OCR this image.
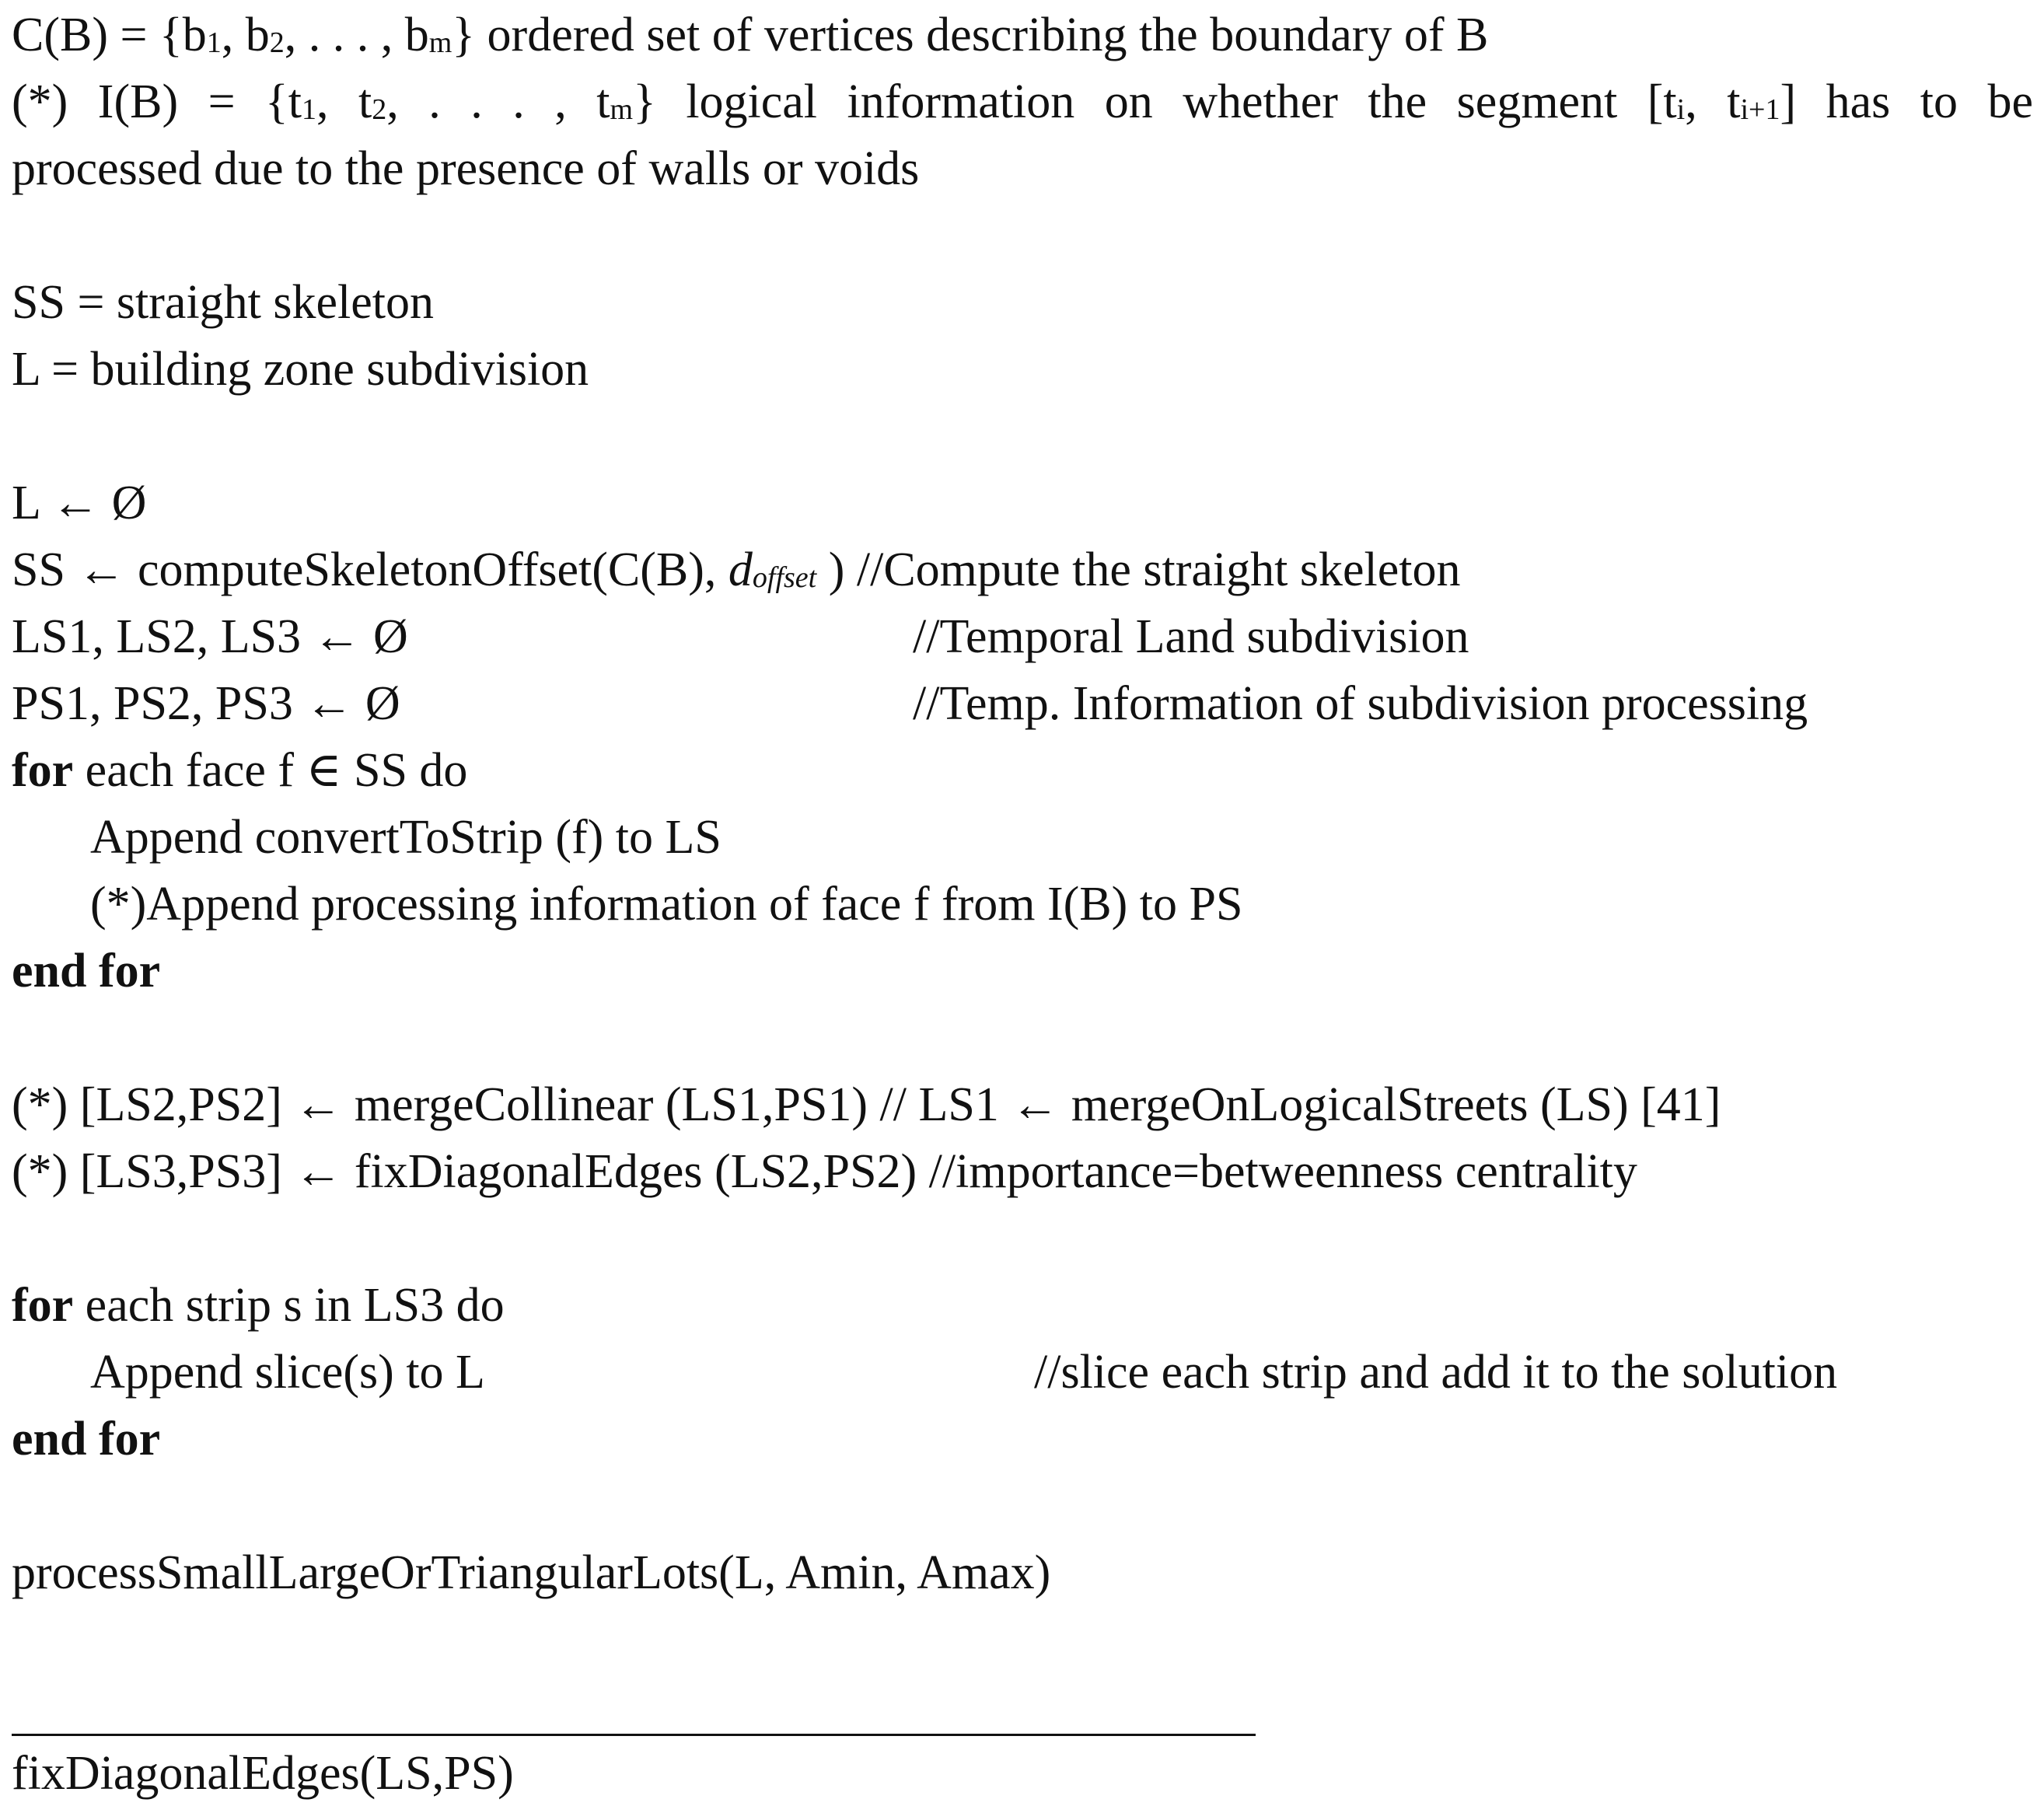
C(B) = {b1, b2, . . . , bm} ordered set of vertices describing the boundary of B
(*) I(B) = {t1, t2, . . . , tm} logical information on whether the segment [ti, ti+1] has to be
processed due to the presence of walls or voids
SS = straight skeleton
L = building zone subdivision
L ← Ø
SS ← computeSkeletonOffset(C(B), doffset ) //Compute the straight skeleton
LS1, LS2, LS3 ← Ø	//Temporal Land subdivision
PS1, PS2, PS3 ← Ø	//Temp. Information of subdivision processing
for each face f ∈ SS do
Append convertToStrip (f) to LS
(*)Append processing information of face f from I(B) to PS
end for
(*) [LS2,PS2] ← mergeCollinear (LS1,PS1) // LS1 ← mergeOnLogicalStreets (LS) [41]
(*) [LS3,PS3] ← fixDiagonalEdges (LS2,PS2) //importance=betweenness centrality
for each strip s in LS3 do
Append slice(s) to L	//slice each strip and add it to the solution
end for
processSmallLargeOrTriangularLots(L, Amin, Amax)
fixDiagonalEdges(LS,PS)
